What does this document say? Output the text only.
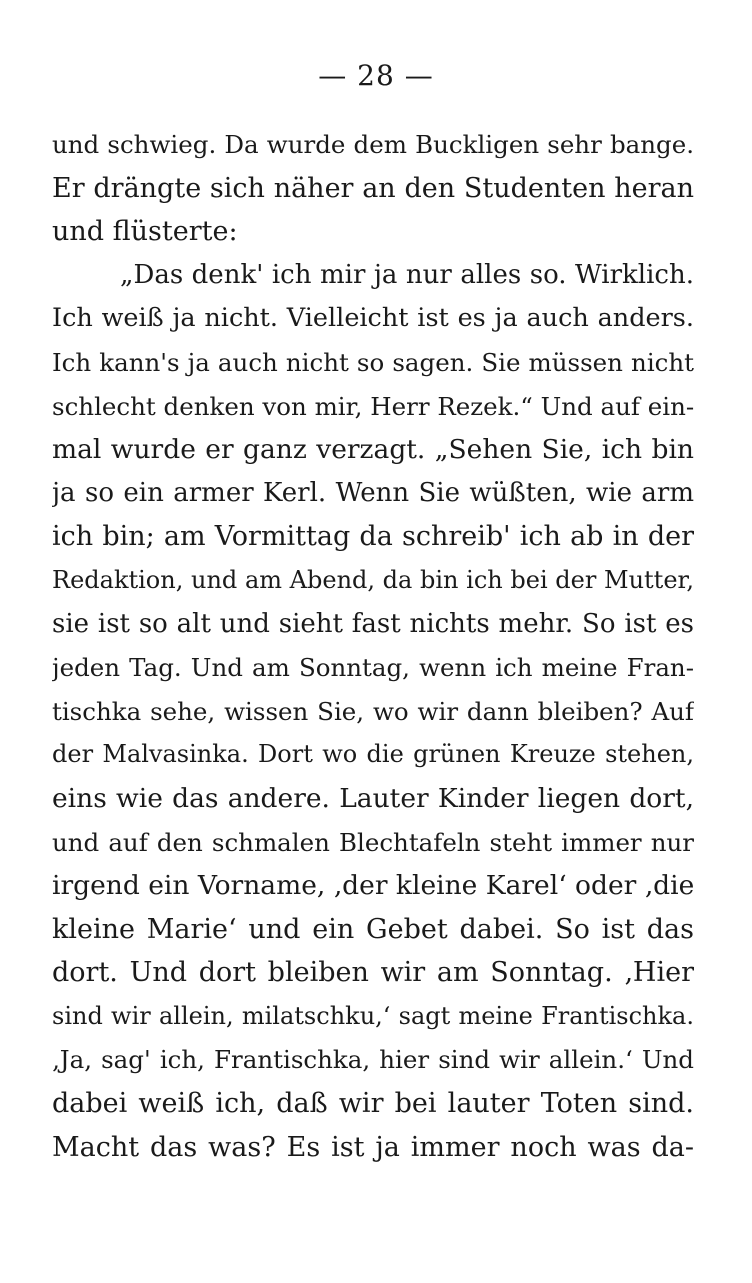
— 28 —
und schwieg. Da wurde dem Buckligen sehr bange.
Er drängte sich näher an den Studenten heran
und flüsterte:
„Das denk' ich mir ja nur alles so. Wirklich.
Ich weiß ja nicht. Vielleicht ist es ja auch anders.
Ich kann's ja auch nicht so sagen. Sie müssen nicht
schlecht denken von mir, Herr Rezek.“ Und auf ein-
mal wurde er ganz verzagt. „Sehen Sie, ich bin
ja so ein armer Kerl. Wenn Sie wüßten, wie arm
ich bin; am Vormittag da schreib' ich ab in der
Redaktion, und am Abend, da bin ich bei der Mutter,
sie ist so alt und sieht fast nichts mehr. So ist es
jeden Tag. Und am Sonntag, wenn ich meine Fran-
tischka sehe, wissen Sie, wo wir dann bleiben? Auf
der Malvasinka. Dort wo die grünen Kreuze stehen,
eins wie das andere. Lauter Kinder liegen dort,
und auf den schmalen Blechtafeln steht immer nur
irgend ein Vorname, ‚der kleine Karel‘ oder ‚die
kleine Marie‘ und ein Gebet dabei. So ist das
dort. Und dort bleiben wir am Sonntag. ‚Hier
sind wir allein, milatschku,‘ sagt meine Frantischka.
‚Ja, sag' ich, Frantischka, hier sind wir allein.‘ Und
dabei weiß ich, daß wir bei lauter Toten sind.
Macht das was? Es ist ja immer noch was da-
